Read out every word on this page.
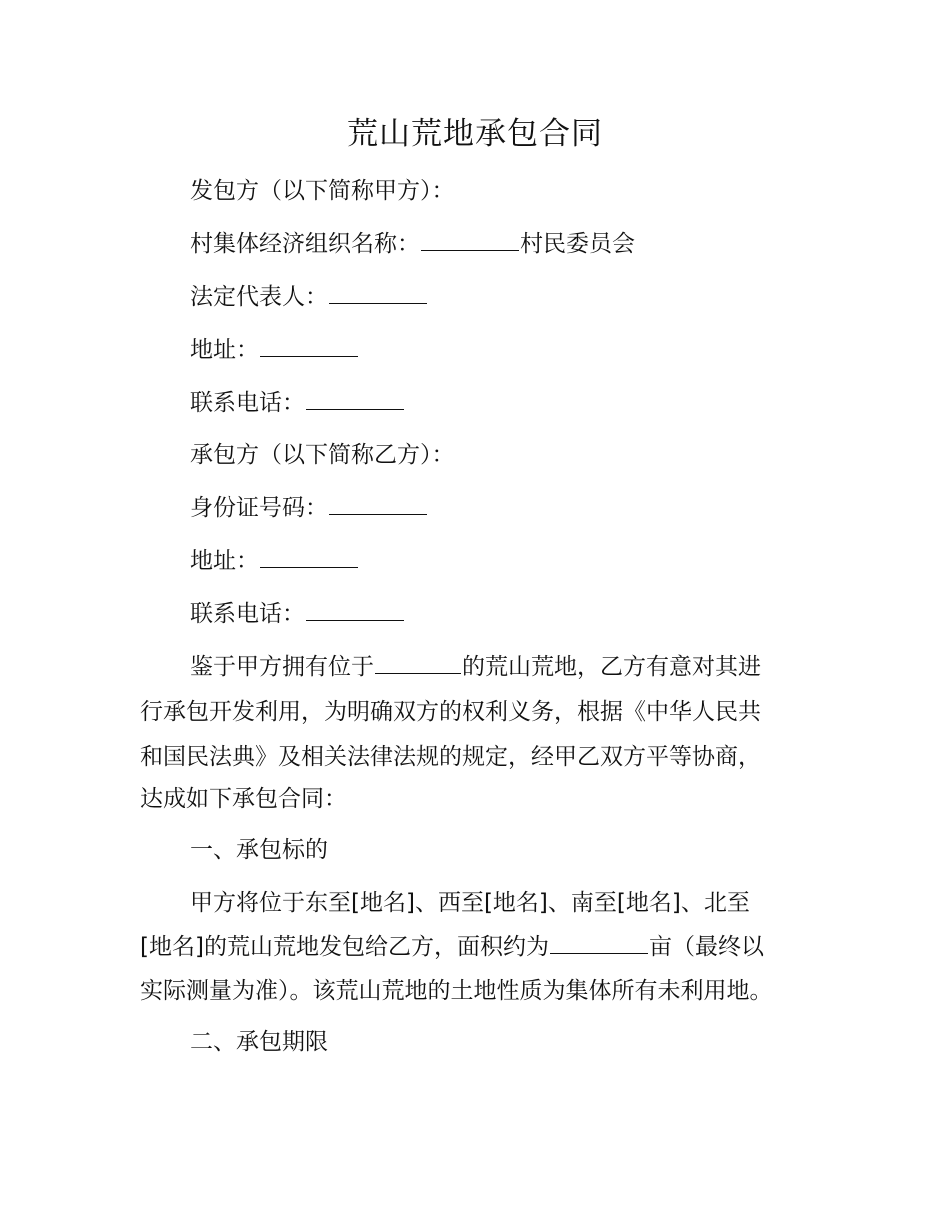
荒山荒地承包合同
发包方（以下简称甲方）：
村集体经济组织名称：	村民委员会
法定代表人：
地址：
联系电话：
承包方（以下简称乙方）：
身份证号码：
地址：
联系电话：
鉴于甲方拥有位于	的荒山荒地，乙方有意对其进
行承包开发利用，为明确双方的权利义务，根据《中华人民共
和国民法典》及相关法律法规的规定，经甲乙双方平等协商，
达成如下承包合同：
一、承包标的
甲方将位于东至[地名]、西至[地名]、南至[地名]、北至
[地名]的荒山荒地发包给乙方，面积约为	亩（最终以
实际测量为准）。该荒山荒地的土地性质为集体所有未利用地。
二、承包期限
